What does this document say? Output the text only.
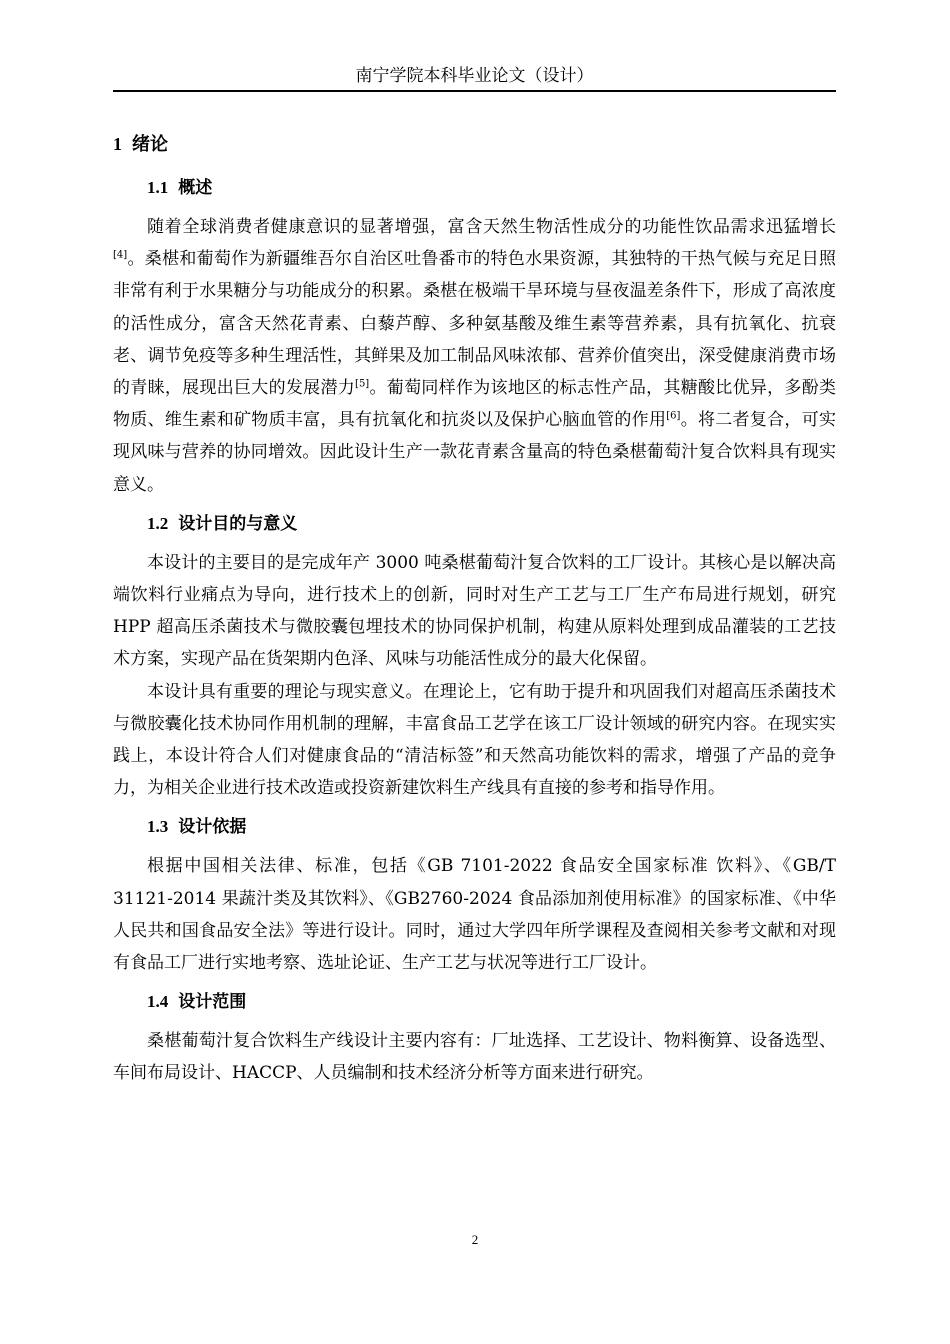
南宁学院本科毕业论文（设计）
1 绪论
1.1 概述

随着全球消费者健康意识的显著增强，富含天然生物活性成分的功能性饮品需求迅猛增长[4]。桑椹和葡萄作为新疆维吾尔自治区吐鲁番市的特色水果资源，其独特的干热气候与充足日照非常有利于水果糖分与功能成分的积累。桑椹在极端干旱环境与昼夜温差条件下，形成了高浓度的活性成分，富含天然花青素、白藜芦醇、多种氨基酸及维生素等营养素，具有抗氧化、抗衰老、调节免疫等多种生理活性，其鲜果及加工制品风味浓郁、营养价值突出，深受健康消费市场的青睐，展现出巨大的发展潜力[5]。葡萄同样作为该地区的标志性产品，其糖酸比优异，多酚类物质、维生素和矿物质丰富，具有抗氧化和抗炎以及保护心脑血管的作用[6]。将二者复合，可实现风味与营养的协同增效。因此设计生产一款花青素含量高的特色桑椹葡萄汁复合饮料具有现实意义。

1.2 设计目的与意义

本设计的主要目的是完成年产 3000 吨桑椹葡萄汁复合饮料的工厂设计。其核心是以解决高端饮料行业痛点为导向，进行技术上的创新，同时对生产工艺与工厂生产布局进行规划，研究 HPP 超高压杀菌技术与微胶囊包埋技术的协同保护机制，构建从原料处理到成品灌装的工艺技术方案，实现产品在货架期内色泽、风味与功能活性成分的最大化保留。

本设计具有重要的理论与现实意义。在理论上，它有助于提升和巩固我们对超高压杀菌技术与微胶囊化技术协同作用机制的理解，丰富食品工艺学在该工厂设计领域的研究内容。在现实实践上，本设计符合人们对健康食品的“清洁标签”和天然高功能饮料的需求，增强了产品的竞争力，为相关企业进行技术改造或投资新建饮料生产线具有直接的参考和指导作用。

1.3 设计依据

根据中国相关法律、标准，包括《GB 7101-2022 食品安全国家标准 饮料》、《GB/T 31121-2014 果蔬汁类及其饮料》、《GB2760-2024 食品添加剂使用标准》的国家标准、《中华人民共和国食品安全法》等进行设计。同时，通过大学四年所学课程及查阅相关参考文献和对现有食品工厂进行实地考察、选址论证、生产工艺与状况等进行工厂设计。

1.4 设计范围

桑椹葡萄汁复合饮料生产线设计主要内容有：厂址选择、工艺设计、物料衡算、设备选型、车间布局设计、HACCP、人员编制和技术经济分析等方面来进行研究。

2
